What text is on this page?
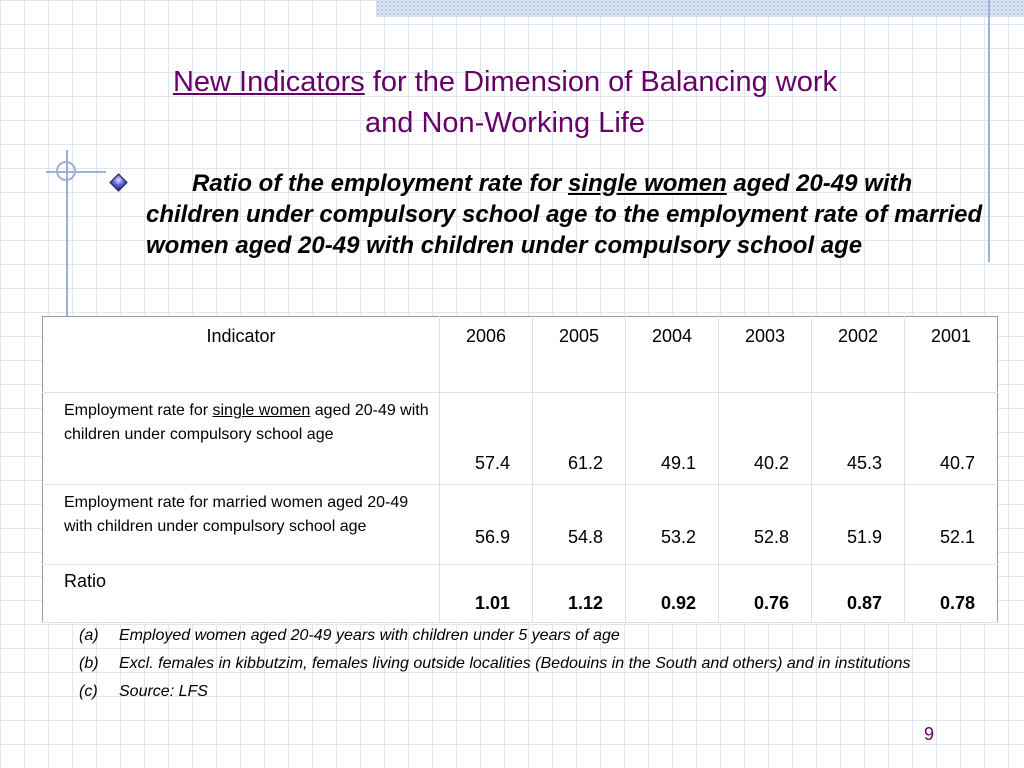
New Indicators for the Dimension of Balancing work
and Non-Working Life
Ratio of the employment rate for single women aged 20-49 with children under compulsory school age to the employment rate of married women aged 20-49 with children under compulsory school age
Indicator	2006	2005	2004	2003	2002	2001
Employment rate for single women aged 20-49 with children under compulsory school age	57.4	61.2	49.1	40.2	45.3	40.7
Employment rate for married women aged 20-49 with children under compulsory school age	56.9	54.8	53.2	52.8	51.9	52.1
Ratio	1.01	1.12	0.92	0.76	0.87	0.78
(a) Employed women aged 20-49 years with children under 5 years of age
(b) Excl. females in kibbutzim, females living outside localities (Bedouins in the South and others) and in institutions
(c) Source: LFS
9
